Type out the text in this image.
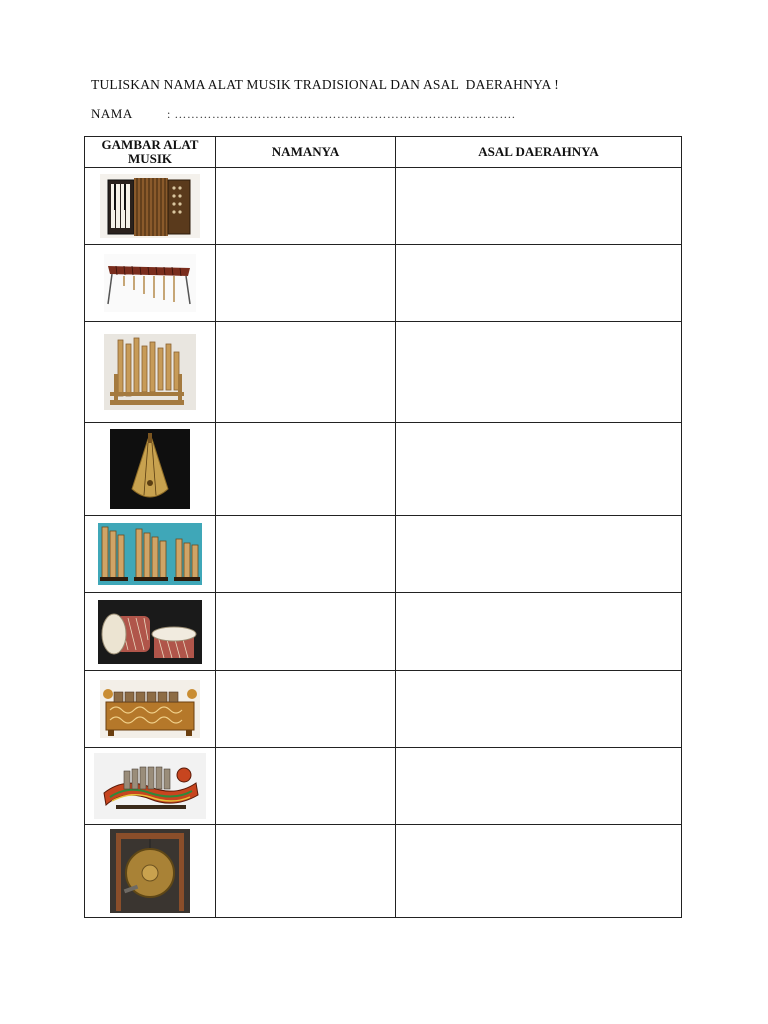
TULISKAN NAMA ALAT MUSIK TRADISIONAL DAN ASAL  DAERAHNYA !
NAMA	: ……………………………………………………………………….
GAMBAR ALAT MUSIK	NAMANYA	ASAL DAERAHNYA
